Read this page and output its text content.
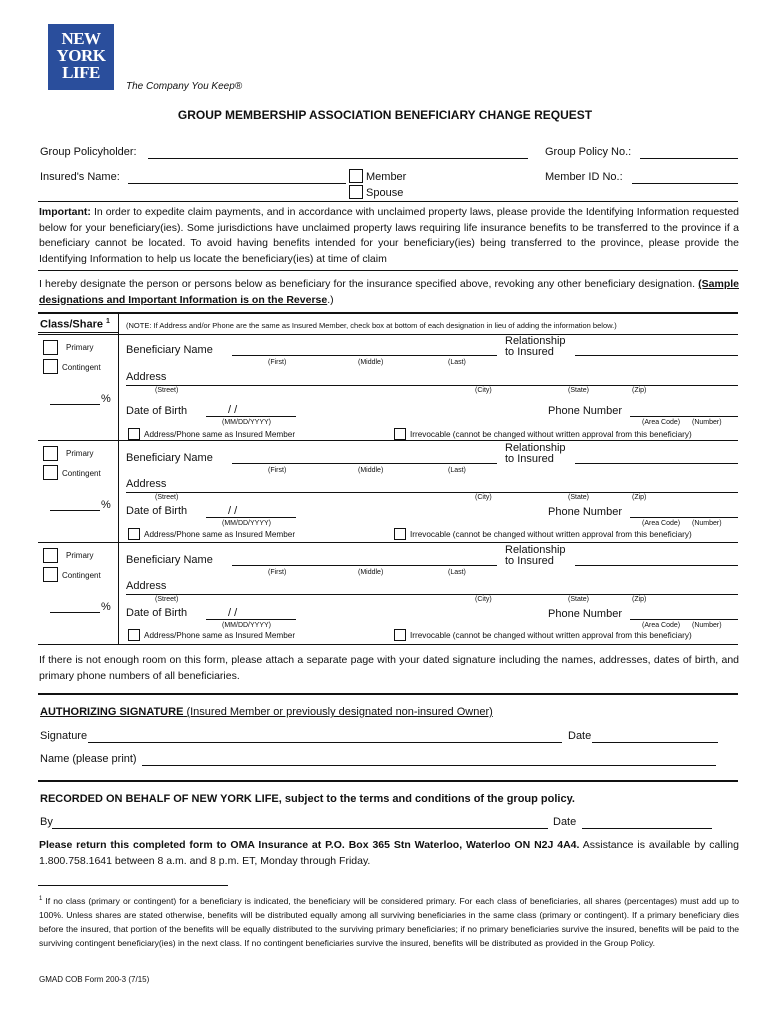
NEW
YORK
LIFE
The Company You Keep®
GROUP MEMBERSHIP ASSOCIATION BENEFICIARY CHANGE REQUEST
Group Policyholder:	Group Policy No.:
Insured's Name:	Member
Spouse
Member ID No.:
Important: In order to expedite claim payments, and in accordance with unclaimed property laws, please provide the Identifying Information requested below for your beneficiary(ies). Some jurisdictions have unclaimed property laws requiring life insurance benefits to be transferred to the province if a beneficiary cannot be located. To avoid having benefits intended for your beneficiary(ies) being transferred to the province, please provide the Identifying Information to help us locate the beneficiary(ies) at time of claim
I hereby designate the person or persons below as beneficiary for the insurance specified above, revoking any other beneficiary designation. (Sample designations and Important Information is on the Reverse.)
Class/Share $^1$ (NOTE: If Address and/or Phone are the same as Insured Member, check box at bottom of each designation in lieu of adding the information below.)
Primary
Contingent
%
Beneficiary Name
(First)	(Middle)	(Last)
Relationship
to Insured
Address
(Street)	(City)	(State)	(Zip)
Date of Birth	/ /
(MM/DD/YYYY)
Phone Number
(Area Code) (Number)
Address/Phone same as Insured Member	Irrevocable (cannot be changed without written approval from this beneficiary)
Primary
Contingent
%
Beneficiary Name
(First)	(Middle)	(Last)
Relationship
to Insured
Address
(Street)	(City)	(State)	(Zip)
Date of Birth	/ /
(MM/DD/YYYY)
Phone Number
(Area Code) (Number)
Address/Phone same as Insured Member	Irrevocable (cannot be changed without written approval from this beneficiary)
Primary
Contingent
%
Beneficiary Name
(First)	(Middle)	(Last)
Relationship
to Insured
Address
(Street)	(City)	(State)	(Zip)
Date of Birth	/ /
(MM/DD/YYYY)
Phone Number
(Area Code) (Number)
Address/Phone same as Insured Member	Irrevocable (cannot be changed without written approval from this beneficiary)
If there is not enough room on this form, please attach a separate page with your dated signature including the names, addresses, dates of birth, and primary phone numbers of all beneficiaries.
AUTHORIZING SIGNATURE (Insured Member or previously designated non-insured Owner)
Signature	Date
Name (please print)
RECORDED ON BEHALF OF NEW YORK LIFE, subject to the terms and conditions of the group policy.
By	Date
Please return this completed form to OMA Insurance at P.O. Box 365 Stn Waterloo, Waterloo ON N2J 4A4. Assistance is available by calling 1.800.758.1641 between 8 a.m. and 8 p.m. ET, Monday through Friday.
$^1$ If no class (primary or contingent) for a beneficiary is indicated, the beneficiary will be considered primary. For each class of beneficiaries, all shares (percentages) must add up to 100%. Unless shares are stated otherwise, benefits will be distributed equally among all surviving beneficiaries in the same class (primary or contingent). If a primary beneficiary dies before the insured, that portion of the benefits will be equally distributed to the surviving primary beneficiaries; if no primary beneficiaries survive the insured, benefits will be paid to the surviving contingent beneficiary(ies) in the next class. If no contingent beneficiaries survive the insured, benefits will be distributed as provided in the Group Policy.
GMAD COB Form 200-3 (7/15)
